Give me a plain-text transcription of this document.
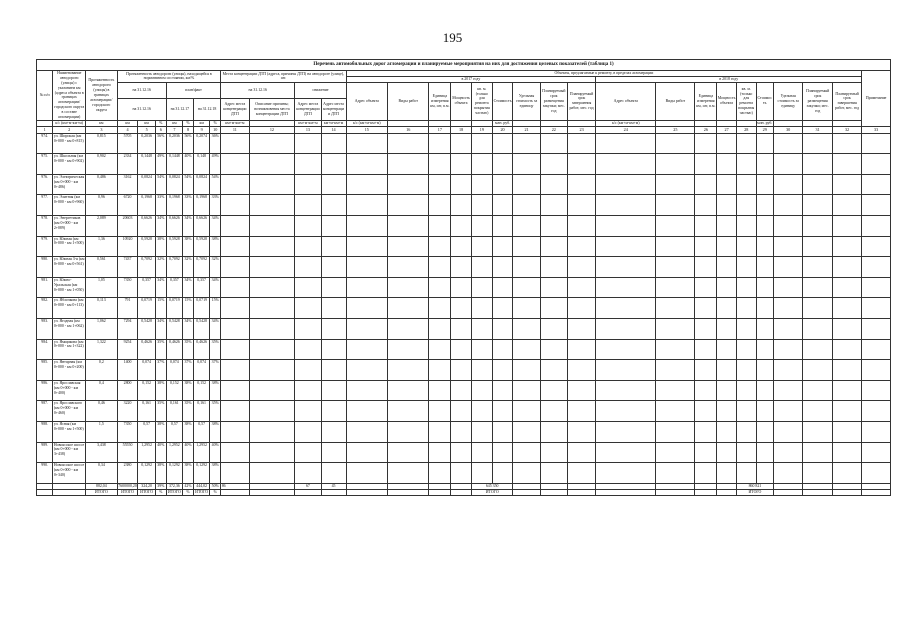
195
Перечень автомобильных дорог агломерации и планируемые мероприятия на них для достижения целевых показателей (таблица 1)																																
№ п/п	Наименование автодороги (улицы) с указанием км (адреса объекта в границах агломерации/городского округа в составе агломерации)	Протяженность автодороги (улицы) в границах агломерации/городского округа	Протяженность автодороги (улицы), находящейся в нормативном состоянии, км/%							Места концентрации ДТП (адреса, причины ДТП) на автодороге (улице), шт.				Объекты, предлагаемые к ремонту, в пределах агломерации																		Примечание
														в 2017 году									в 2018 году									
			на 31.12.16			план/факт				на 31.12.16		снижение		Адрес объекта	Виды работ	Единица измерения км, шт, п.м.	Мощность объекта	кв. м. (только для ремонта покрытия частью)	Стоимость	Удельная стоимость за единицу	Планируемый срок размещения закупки; мес. год	Планируемый срок завершения работ, мес. год	Адрес объекта	Виды работ	Единица измерения км, шт, п.м.	Мощность объекта	кв. м. (только для ремонта покрытия частью)	Стоимость	Удельная стоимость за единицу	Планируемый срок размещения закупки; мес. год	Планируемый срок завершения работ, мес. год	
			на 31.12.16			на 31.12.17		на 31.12.18		Адрес места концентрации ДТП	Описание причины; возникновения места концентрации ДТП	Адрес места концентрации ДТП	Адрес места концентрации ДТП																			
	к/с (км+м-км+м)	км	км	км	%	км	%	км	%	км+м-км+м		км+м-км+м	км+м-км+м	к/с (км+м-км+м)					млн. руб.				к/с (км+м-км+м)					млн. руб.				
1	2	3	4	5	6	7	8	9	10	11	12	13	14	15	16	17	18	19	20	21	22	23	24	25	26	27	28	29	30	31	32	33
974.	ул. Широкая (км 0+000 - км 0+815)	0,815	5705	0,2036	56%	0,2036	56%	0,2074	36%																							
975.	ул. Школьная (км 0+000 - км 0+902)	0,902	2334	0,1448	49%	0,1448	40%	0,148	49%																							
976.	ул. Электрическая (км 0+000 - км 0+486)	0,486	3162	0,0824	54%	0,0824	54%	0,0824	54%																							
977.	ул. Элитная (км 0+000 - км 0+960)	0,96	6720	0,1968	33%	0,1968	33%	0,1968	33%																							
978.	ул. Энергетиков (км 0+000 - км 2+089)	2,089	20603	0,6626	34%	0,6626	34%	0,6626	34%																							
979.	ул. Южная (км 0+000 - км 1+500)	1,36	10920	0,5928	38%	0,5928	38%	0,5928	38%																							
980.	ул. Южная 3-я (км 0+000 - км 0+561)	0,561	7437	0,7092	32%	0,7092	32%	0,7092	32%																							
981.	ул. Южно-Уральская (км 0+000 - км 1+050)	1,05	7350	0,357	34%	0,357	34%	0,357	34%																							
982.	ул. Яблочкова (км 0+000 - км 0+113)	0,113	791	0,0719	15%	0,0719	15%	0,0719	15%																							
983.	ул. Ягодная (км 0+000 - км 1+062)	1,062	7294	0,5428	34%	0,5428	34%	0,5428	34%																							
984.	ул. Ямщикова (км 0+000 - км 1+322)	1,322	9254	0,4626	35%	0,4626	35%	0,4626	35%																							
985.	ул. Янтарная (км 0+000 - км 0+200)	0,2	1400	0,074	37%	0,074	37%	0,074	37%																							
986.	ул. Ярославская (км 0+000 - км 0+400)	0,4	2800	0,152	38%	0,152	38%	0,152	38%																							
987.	ул. Ярославского (км 0+000 - км 0+460)	0,46	3220	0,161	35%	0,161	35%	0,161	35%																							
988.	ул. Ясная (км 0+000 - км 1+500)	1,5	7350	0,57	38%	0,57	38%	0,57	38%																							
989.	Новоясское шоссе (км 0+000 - км 3+438)	3,438	55550	1,2952	40%	1,2952	40%	1,2952	40%																							
990.	Новоясское шоссе (км 0+000 - км 0+340)	0,34	2380	0,1292	38%	0,1292	38%	0,1292	38%																							
		882,04	7600000,20	324,20	39%	372,36	42%	444,02	50%	86		67	45					645 350									860 821					
		ИТОГО	ИТОГО	ИТОГО	%	ИТОГО	%	ИТОГО	%									ИТОГО									ИТОГО					
